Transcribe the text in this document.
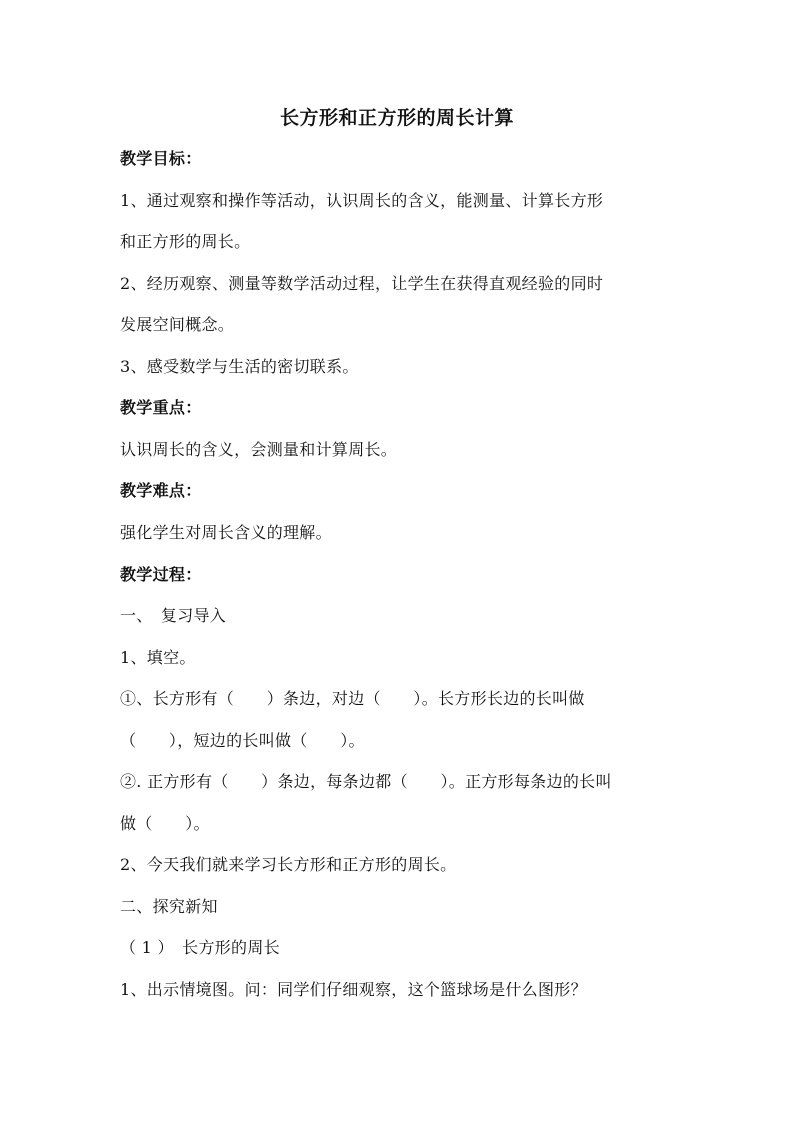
长方形和正方形的周长计算
教学目标：
1、通过观察和操作等活动，认识周长的含义，能测量、计算长方形
和正方形的周长。
2、经历观察、测量等数学活动过程，让学生在获得直观经验的同时
发展空间概念。
3、感受数学与生活的密切联系。
教学重点：
认识周长的含义，会测量和计算周长。
教学难点：
强化学生对周长含义的理解。
教学过程：
一、　复习导入
1、填空。
①、长方形有（　　）条边，对边（　　）。长方形长边的长叫做
（　　），短边的长叫做（　　）。
②. 正方形有（　　）条边，每条边都（　　）。正方形每条边的长叫
做（　　）。
2、今天我们就来学习长方形和正方形的周长。
二、探究新知
（ 1 ）　长方形的周长
1、出示情境图。问：同学们仔细观察，这个篮球场是什么图形？
